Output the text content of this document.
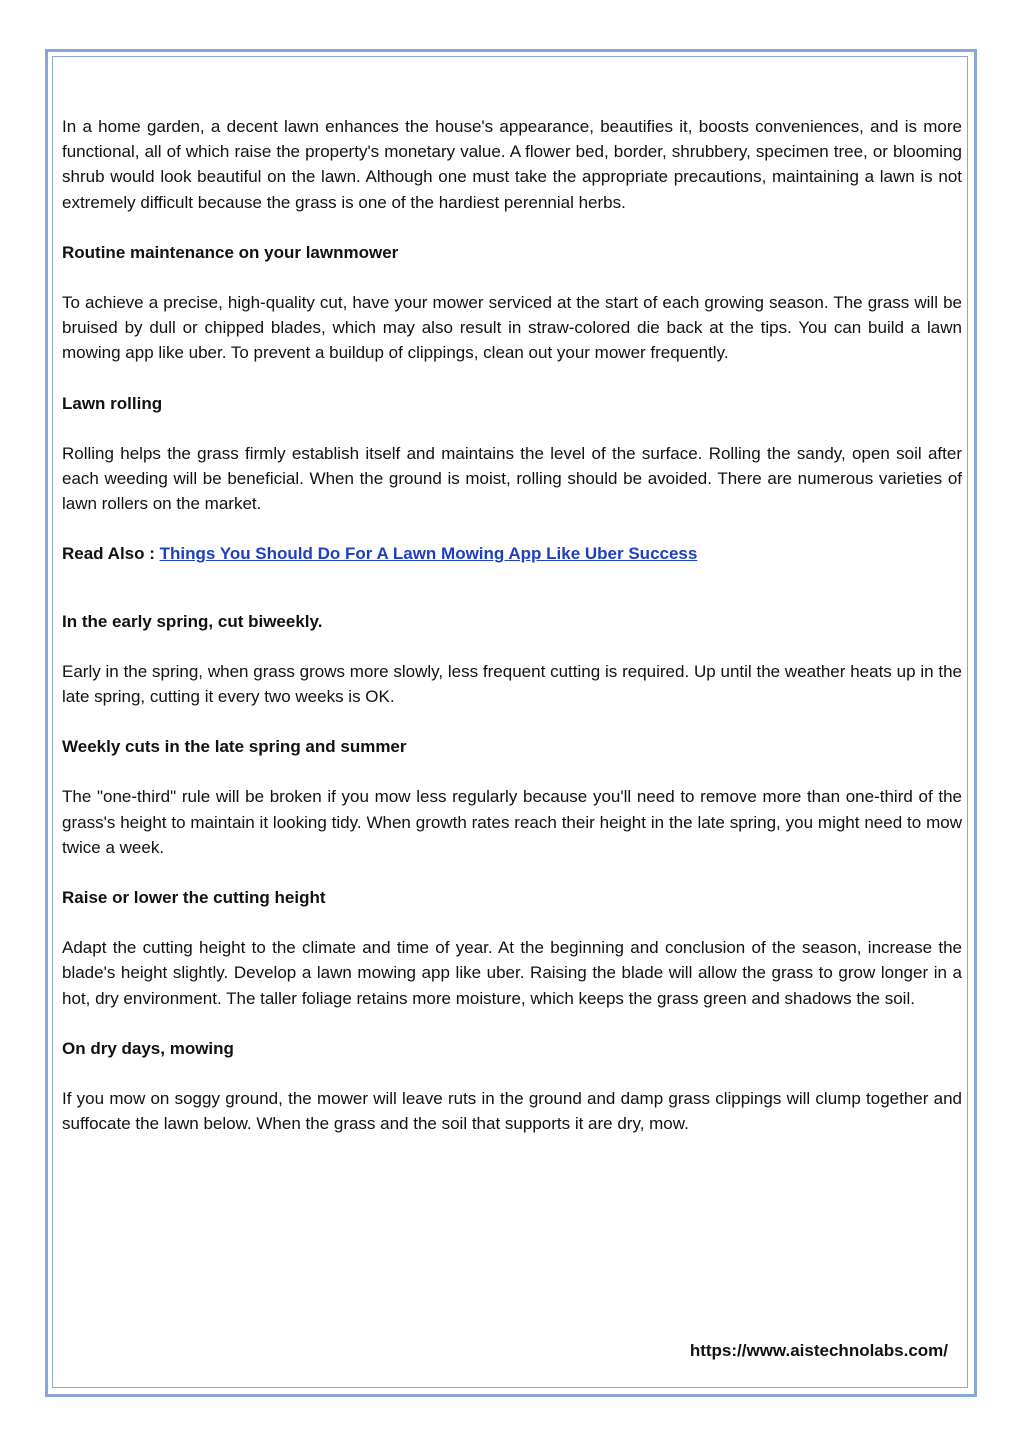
In a home garden, a decent lawn enhances the house's appearance, beautifies it, boosts conveniences, and is more functional, all of which raise the property's monetary value. A flower bed, border, shrubbery, specimen tree, or blooming shrub would look beautiful on the lawn. Although one must take the appropriate precautions, maintaining a lawn is not extremely difficult because the grass is one of the hardiest perennial herbs.

Routine maintenance on your lawnmower

To achieve a precise, high-quality cut, have your mower serviced at the start of each growing season. The grass will be bruised by dull or chipped blades, which may also result in straw-colored die back at the tips. You can build a lawn mowing app like uber. To prevent a buildup of clippings, clean out your mower frequently.

Lawn rolling

Rolling helps the grass firmly establish itself and maintains the level of the surface. Rolling the sandy, open soil after each weeding will be beneficial. When the ground is moist, rolling should be avoided. There are numerous varieties of lawn rollers on the market.

Read Also : Things You Should Do For A Lawn Mowing App Like Uber Success

In the early spring, cut biweekly.

Early in the spring, when grass grows more slowly, less frequent cutting is required. Up until the weather heats up in the late spring, cutting it every two weeks is OK.

Weekly cuts in the late spring and summer

The "one-third" rule will be broken if you mow less regularly because you'll need to remove more than one-third of the grass's height to maintain it looking tidy. When growth rates reach their height in the late spring, you might need to mow twice a week.

Raise or lower the cutting height

Adapt the cutting height to the climate and time of year. At the beginning and conclusion of the season, increase the blade's height slightly. Develop a lawn mowing app like uber. Raising the blade will allow the grass to grow longer in a hot, dry environment. The taller foliage retains more moisture, which keeps the grass green and shadows the soil.

On dry days, mowing

If you mow on soggy ground, the mower will leave ruts in the ground and damp grass clippings will clump together and suffocate the lawn below. When the grass and the soil that supports it are dry, mow.

https://www.aistechnolabs.com/
